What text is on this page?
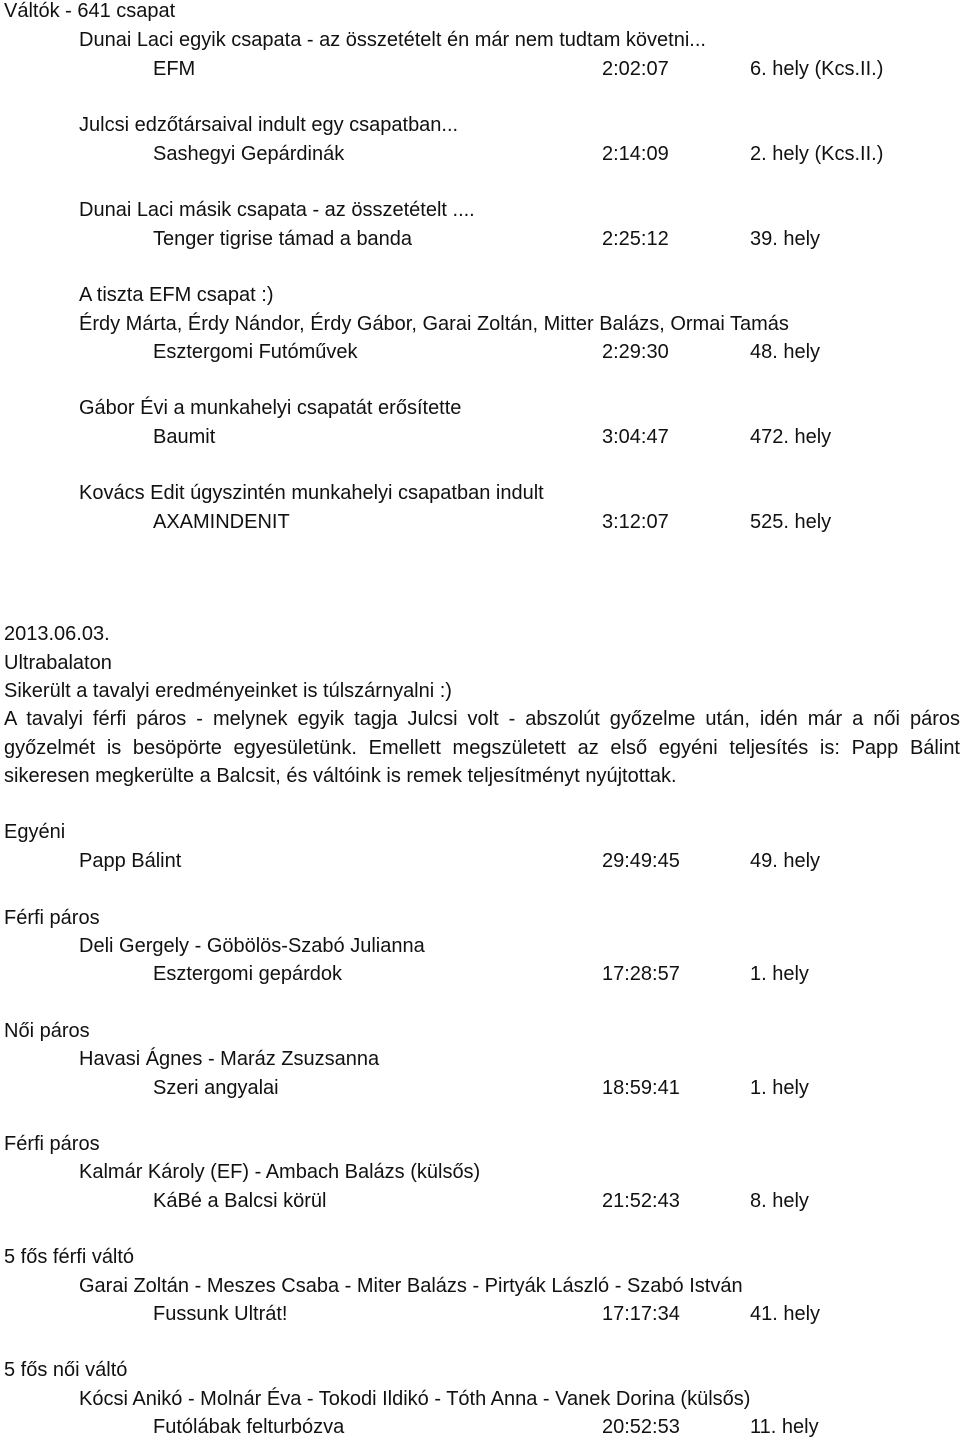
Váltók - 641 csapat
Dunai Laci egyik csapata - az összetételt én már nem tudtam követni...
EFM	2:02:07	6. hely (Kcs.II.)
Julcsi edzőtársaival indult egy csapatban...
Sashegyi Gepárdinák	2:14:09	2. hely (Kcs.II.)
Dunai Laci másik csapata - az összetételt ....
Tenger tigrise támad a banda	2:25:12	39. hely
A tiszta EFM csapat :)
Érdy Márta, Érdy Nándor, Érdy Gábor, Garai Zoltán, Mitter Balázs, Ormai Tamás
Esztergomi Futóművek	2:29:30	48. hely
Gábor Évi a munkahelyi csapatát erősítette
Baumit	3:04:47	472. hely
Kovács Edit úgyszintén munkahelyi csapatban indult
AXAMINDENIT	3:12:07	525. hely
2013.06.03.
Ultrabalaton
Sikerült a tavalyi eredményeinket is túlszárnyalni :)
A tavalyi férfi páros - melynek egyik tagja Julcsi volt - abszolút győzelme után, idén már a női páros győzelmét is besöpörte egyesületünk. Emellett megszületett az első egyéni teljesítés is: Papp Bálint sikeresen megkerülte a Balcsit, és váltóink is remek teljesítményt nyújtottak.
Egyéni
Papp Bálint	29:49:45	49. hely
Férfi páros
Deli Gergely - Göbölös-Szabó Julianna
Esztergomi gepárdok	17:28:57	1. hely
Női páros
Havasi Ágnes - Maráz Zsuzsanna
Szeri angyalai	18:59:41	1. hely
Férfi páros
Kalmár Károly (EF) - Ambach Balázs (külsős)
KáBé a Balcsi körül	21:52:43	8. hely
5 fős férfi váltó
Garai Zoltán - Meszes Csaba - Miter Balázs - Pirtyák László - Szabó István
Fussunk Ultrát!	17:17:34	41. hely
5 fős női váltó
Kócsi Anikó - Molnár Éva - Tokodi Ildikó - Tóth Anna - Vanek Dorina (külsős)
Futólábak felturbózva	20:52:53	11. hely
